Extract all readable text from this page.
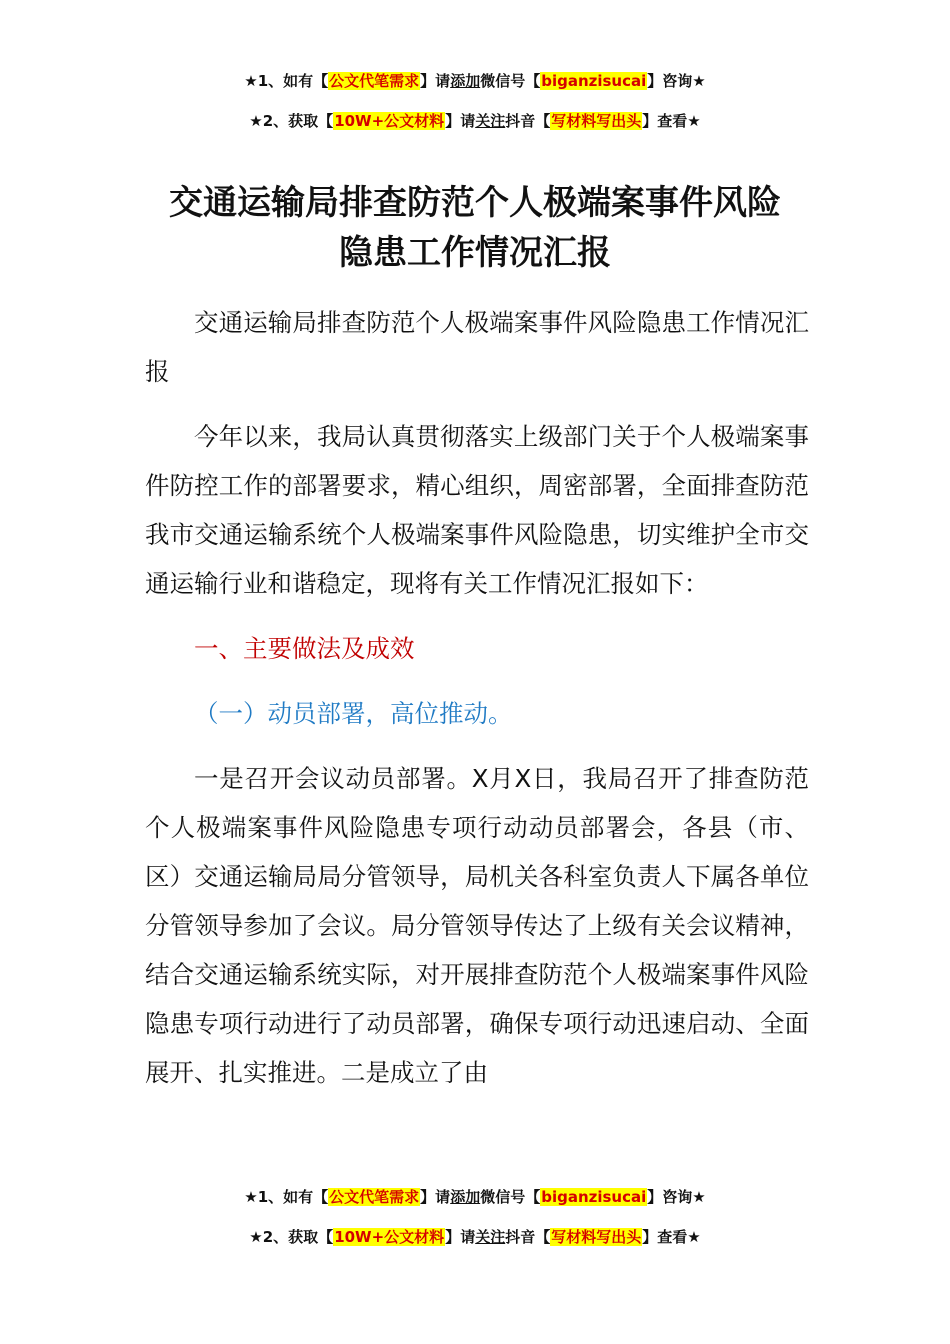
★1、如有【公文代笔需求】请添加微信号【biganzisucai】咨询★
★2、获取【10W+公文材料】请关注抖音【写材料写出头】查看★
交通运输局排查防范个人极端案事件风险
隐患工作情况汇报

交通运输局排查防范个人极端案事件风险隐患工作情况汇报

今年以来，我局认真贯彻落实上级部门关于个人极端案事件防控工作的部署要求，精心组织，周密部署，全面排查防范我市交通运输系统个人极端案事件风险隐患，切实维护全市交通运输行业和谐稳定，现将有关工作情况汇报如下：

一、主要做法及成效

（一）动员部署，高位推动。

一是召开会议动员部署。X月X日，我局召开了排查防范个人极端案事件风险隐患专项行动动员部署会，各县（市、区）交通运输局局分管领导，局机关各科室负责人下属各单位分管领导参加了会议。局分管领导传达了上级有关会议精神，结合交通运输系统实际，对开展排查防范个人极端案事件风险隐患专项行动进行了动员部署，确保专项行动迅速启动、全面展开、扎实推进。二是成立了由

★1、如有【公文代笔需求】请添加微信号【biganzisucai】咨询★
★2、获取【10W+公文材料】请关注抖音【写材料写出头】查看★
